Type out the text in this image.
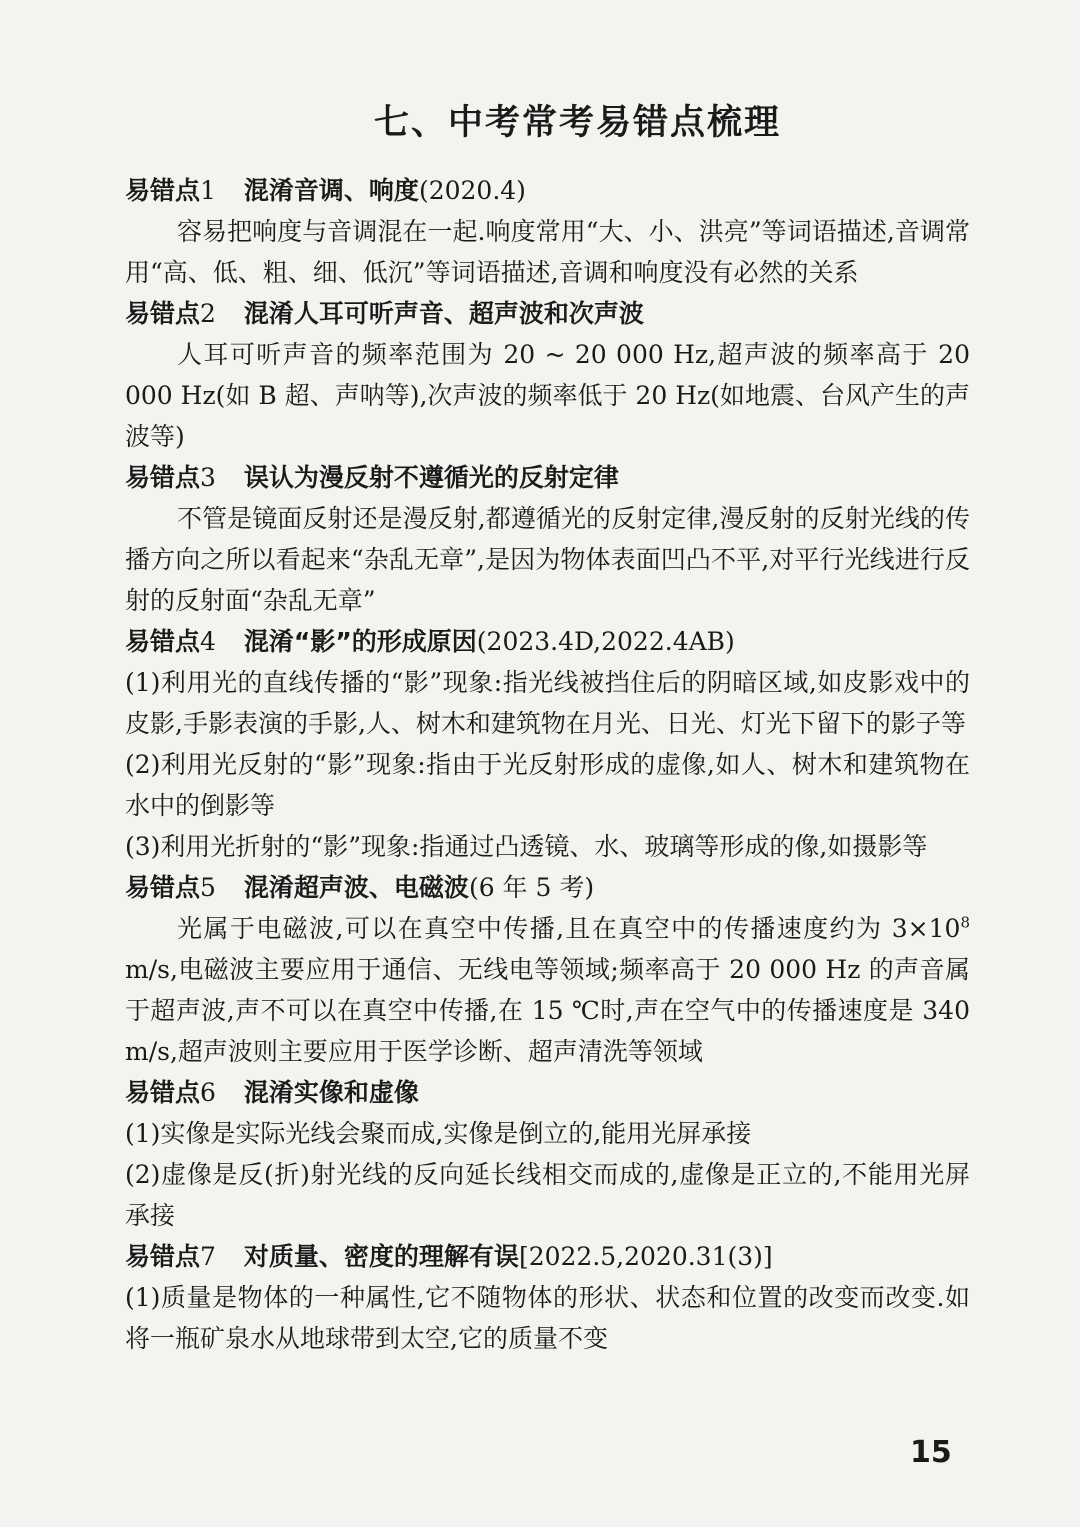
七、中考常考易错点梳理
易错点1 混淆音调、响度(2020.4)

容易把响度与音调混在一起.响度常用“大、小、洪亮”等词语描述,音调常用“高、低、粗、细、低沉”等词语描述,音调和响度没有必然的关系

易错点2 混淆人耳可听声音、超声波和次声波

人耳可听声音的频率范围为 20 ~ 20 000 Hz,超声波的频率高于 20 000 Hz(如 B 超、声呐等),次声波的频率低于 20 Hz(如地震、台风产生的声波等)

易错点3 误认为漫反射不遵循光的反射定律

不管是镜面反射还是漫反射,都遵循光的反射定律,漫反射的反射光线的传播方向之所以看起来“杂乱无章”,是因为物体表面凹凸不平,对平行光线进行反射的反射面“杂乱无章”

易错点4 混淆“影”的形成原因(2023.4D,2022.4AB)

(1)利用光的直线传播的“影”现象:指光线被挡住后的阴暗区域,如皮影戏中的皮影,手影表演的手影,人、树木和建筑物在月光、日光、灯光下留下的影子等

(2)利用光反射的“影”现象:指由于光反射形成的虚像,如人、树木和建筑物在水中的倒影等

(3)利用光折射的“影”现象:指通过凸透镜、水、玻璃等形成的像,如摄影等

易错点5 混淆超声波、电磁波(6 年 5 考)

光属于电磁波,可以在真空中传播,且在真空中的传播速度约为 $3\times 10^8$ m/s,电磁波主要应用于通信、无线电等领域;频率高于 20 000 Hz 的声音属于超声波,声不可以在真空中传播,在 15 ℃时,声在空气中的传播速度是 340 m/s,超声波则主要应用于医学诊断、超声清洗等领域

易错点6 混淆实像和虚像

(1)实像是实际光线会聚而成,实像是倒立的,能用光屏承接

(2)虚像是反(折)射光线的反向延长线相交而成的,虚像是正立的,不能用光屏承接

易错点7 对质量、密度的理解有误[2022.5,2020.31(3)]

(1)质量是物体的一种属性,它不随物体的形状、状态和位置的改变而改变.如将一瓶矿泉水从地球带到太空,它的质量不变

15
